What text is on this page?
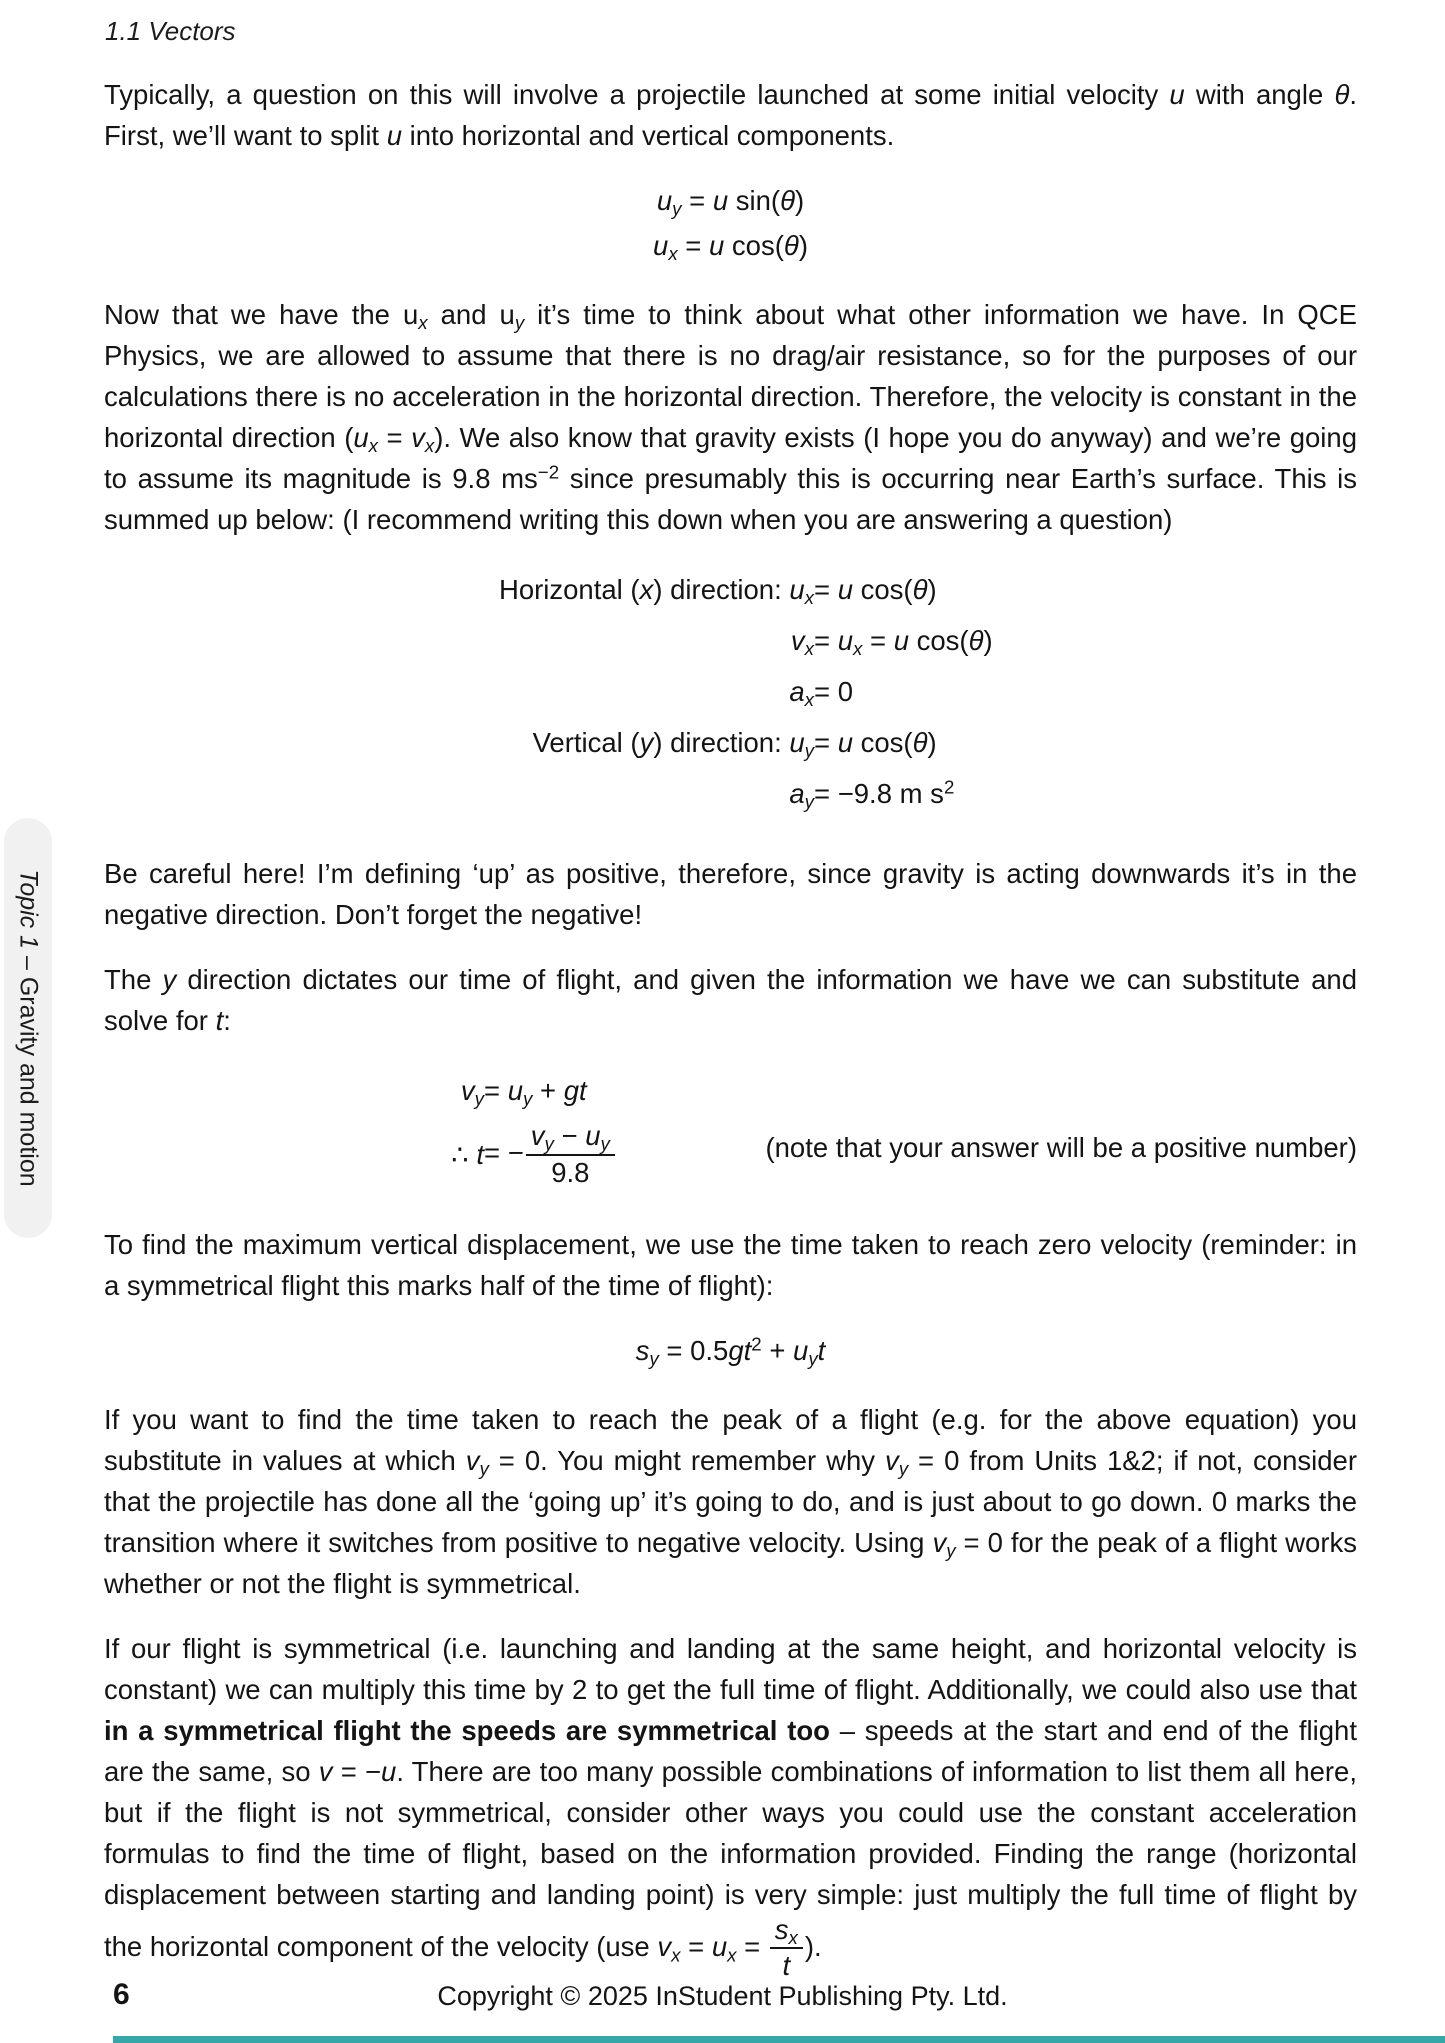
1.1 Vectors
Topic 1 – Gravity and motion

Typically, a question on this will involve a projectile launched at some initial velocity u with angle θ. First, we’ll want to split u into horizontal and vertical components.

uy = u sin(θ)
ux = u cos(θ)

Now that we have the ux and uy it’s time to think about what other information we have. In QCE Physics, we are allowed to assume that there is no drag/air resistance, so for the purposes of our calculations there is no acceleration in the horizontal direction. Therefore, the velocity is constant in the horizontal direction (ux = vx). We also know that gravity exists (I hope you do anyway) and we’re going to assume its magnitude is 9.8 $ms^{-2}$ since presumably this is occurring near Earth’s surface. This is summed up below: (I recommend writing this down when you are answering a question)

Horizontal (x) direction: ux	= u cos(θ)
vx	= ux = u cos(θ)
ax	= 0
Vertical (y) direction: uy	= u cos(θ)
ay	= −9.8 m $s^2$

Be careful here! I’m defining ‘up’ as positive, therefore, since gravity is acting downwards it’s in the negative direction. Don’t forget the negative!

The y direction dictates our time of flight, and given the information we have we can substitute and solve for t:

vy	= uy + gt
∴ t	= − $\frac{vy - uy}{9.8}$	(note that your answer will be a positive number)

To find the maximum vertical displacement, we use the time taken to reach zero velocity (reminder: in a symmetrical flight this marks half of the time of flight):

sy = $0.5gt^2$ + uyt

If you want to find the time taken to reach the peak of a flight (e.g. for the above equation) you substitute in values at which vy = 0. You might remember why vy = 0 from Units 1&2; if not, consider that the projectile has done all the ‘going up’ it’s going to do, and is just about to go down. 0 marks the transition where it switches from positive to negative velocity. Using vy = 0 for the peak of a flight works whether or not the flight is symmetrical.

If our flight is symmetrical (i.e. launching and landing at the same height, and horizontal velocity is constant) we can multiply this time by 2 to get the full time of flight. Additionally, we could also use that in a symmetrical flight the speeds are symmetrical too – speeds at the start and end of the flight are the same, so v = −u. There are too many possible combinations of information to list them all here, but if the flight is not symmetrical, consider other ways you could use the constant acceleration formulas to find the time of flight, based on the information provided. Finding the range (horizontal displacement between starting and landing point) is very simple: just multiply the full time of flight by the horizontal component of the velocity (use vx = ux = $\frac{sx}{t}$ ).

6	Copyright © 2025 InStudent Publishing Pty. Ltd.
